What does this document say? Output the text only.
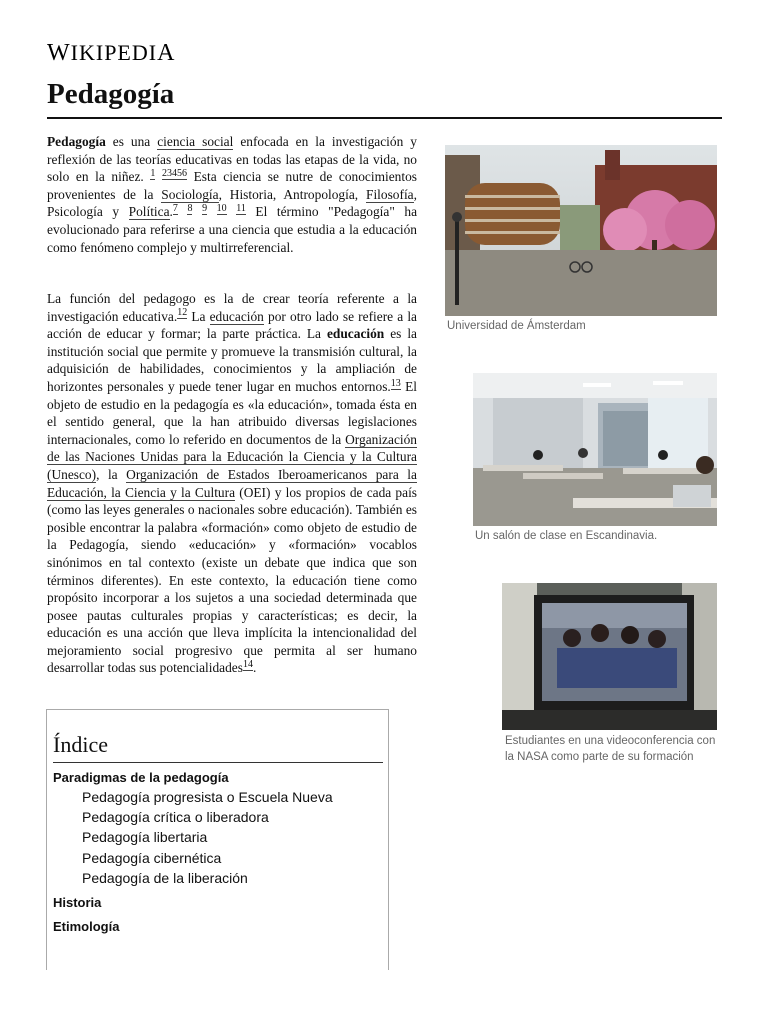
WIKIPEDIA
Pedagogía

Pedagogía es una ciencia social enfocada en la investigación y reflexión de las teorías educativas en todas las etapas de la vida, no solo en la niñez. $^1$ $^{23456}$ Esta ciencia se nutre de conocimientos provenientes de la Sociología, Historia, Antropología, Filosofía, Psicología y Política.$^7$ $^8$ $^9$ $^{10}$ $^{11}$ El término "Pedagogía" ha evolucionado para referirse a una ciencia que estudia a la educación como fenómeno complejo y multirreferencial.

Universidad de Ámsterdam

La función del pedagogo es la de crear teoría referente a la investigación educativa.$^{12}$ La educación por otro lado se refiere a la acción de educar y formar; la parte práctica. La educación es la institución social que permite y promueve la transmisión cultural, la adquisición de habilidades, conocimientos y la ampliación de horizontes personales y puede tener lugar en muchos entornos.$^{13}$ El objeto de estudio en la pedagogía es «la educación», tomada ésta en el sentido general, que la han atribuido diversas legislaciones internacionales, como lo referido en documentos de la Organización de las Naciones Unidas para la Educación la Ciencia y la Cultura (Unesco), la Organización de Estados Iberoamericanos para la Educación, la Ciencia y la Cultura (OEI) y los propios de cada país (como las leyes generales o nacionales sobre educación). También es posible encontrar la palabra «formación» como objeto de estudio de la Pedagogía, siendo «educación» y «formación» vocablos sinónimos en tal contexto (existe un debate que indica que son términos diferentes). En este contexto, la educación tiene como propósito incorporar a los sujetos a una sociedad determinada que posee pautas culturales propias y características; es decir, la educación es una acción que lleva implícita la intencionalidad del mejoramiento social progresivo que permita al ser humano desarrollar todas sus potencialidades$^{14}$.

Un salón de clase en Escandinavia.
Estudiantes en una videoconferencia con la NASA como parte de su formación
Índice
Paradigmas de la pedagogía
Pedagogía progresista o Escuela Nueva
Pedagogía crítica o liberadora
Pedagogía libertaria
Pedagogía cibernética
Pedagogía de la liberación
Historia
Etimología
